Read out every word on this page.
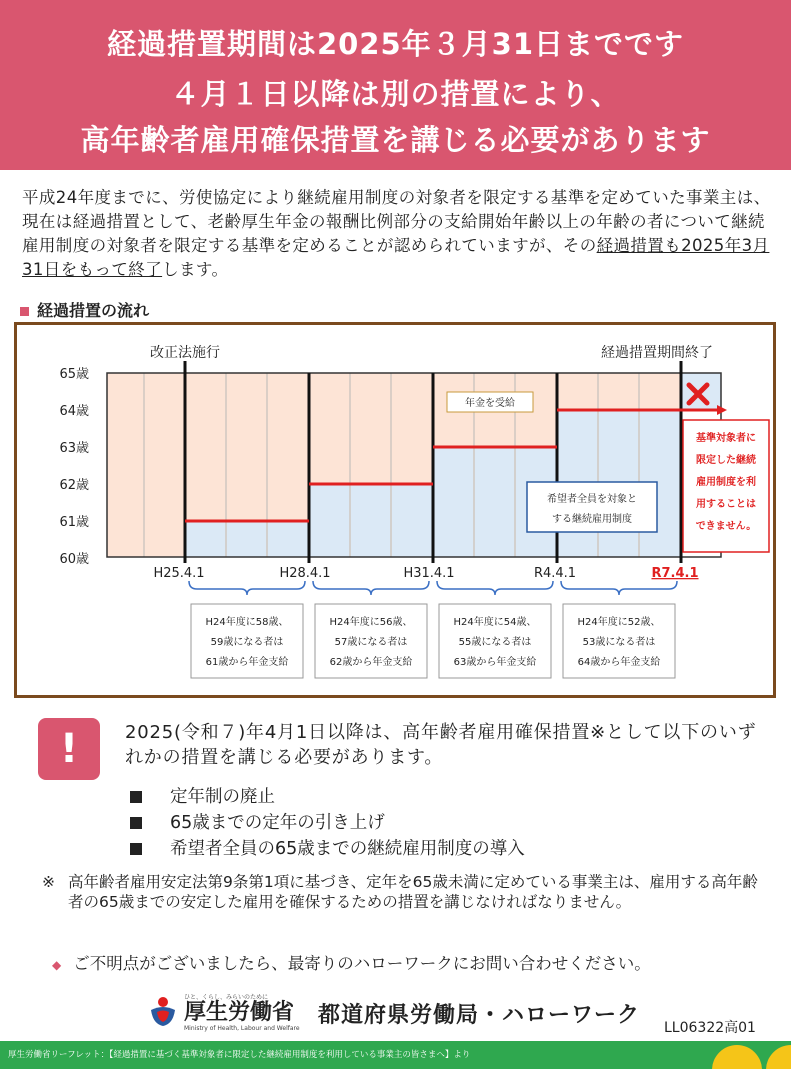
経過措置期間は2025年３月31日までです
４月１日以降は別の措置により、
高年齢者雇用確保措置を講じる必要があります
平成24年度までに、労使協定により継続雇用制度の対象者を限定する基準を定めていた事業主は、現在は経過措置として、老齢厚生年金の報酬比例部分の支給開始年齢以上の年齢の者について継続雇用制度の対象者を限定する基準を定めることが認められていますが、その経過措置も2025年3月31日をもって終了します。
経過措置の流れ
改正法施行	経過措置期間終了
65歳
64歳
63歳
62歳
61歳
60歳
H25.4.1	H28.4.1	H31.4.1	R4.4.1	R7.4.1
年金を受給
希望者全員を対象と
する継続雇用制度
基準対象者に
限定した継続
雇用制度を利
用することは
できません。
H24年度に58歳、
59歳になる者は
61歳から年金支給
H24年度に56歳、
57歳になる者は
62歳から年金支給
H24年度に54歳、
55歳になる者は
63歳から年金支給
H24年度に52歳、
53歳になる者は
64歳から年金支給
!	2025(令和７)年4月1日以降は、高年齢者雇用確保措置※として以下のいずれかの措置を講じる必要があります。
定年制の廃止
65歳までの定年の引き上げ
希望者全員の65歳までの継続雇用制度の導入
※ 高年齢者雇用安定法第9条第1項に基づき、定年を65歳未満に定めている事業主は、雇用する高年齢者の65歳までの安定した雇用を確保するための措置を講じなければなりません。
◆ ご不明点がございましたら、最寄りのハローワークにお問い合わせください。
ひと、くらし、みらいのために
厚生労働省
Ministry of Health, Labour and Welfare
都道府県労働局・ハローワーク LL06322高01
厚生労働省リーフレット：【経過措置に基づく基準対象者に限定した継続雇用制度を利用している事業主の皆さまへ】より
